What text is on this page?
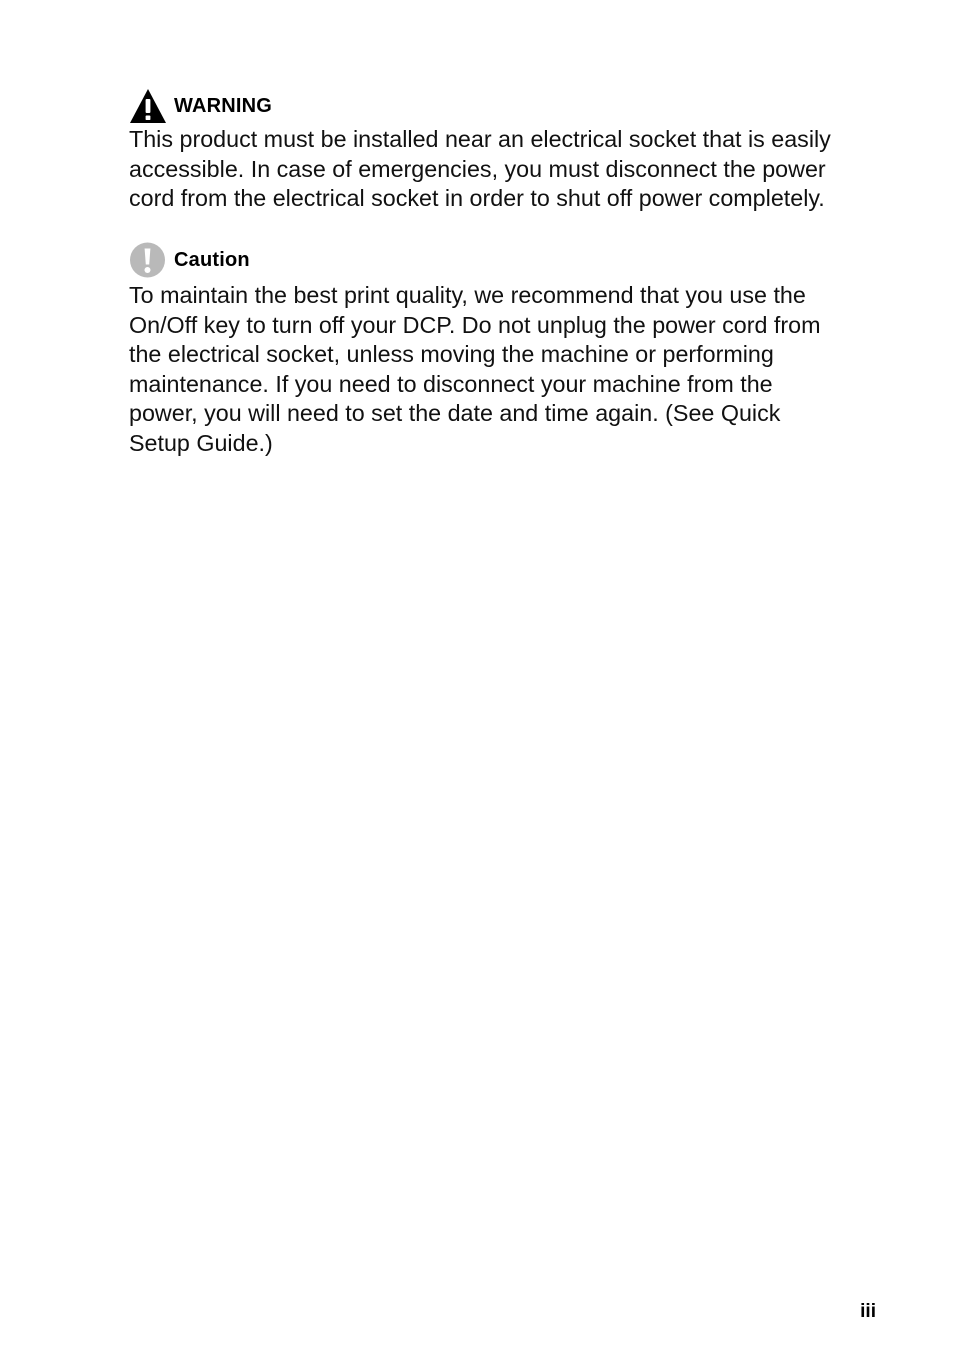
WARNING

This product must be installed near an electrical socket that is easily
accessible. In case of emergencies, you must disconnect the power
cord from the electrical socket in order to shut off power completely.

Caution

To maintain the best print quality, we recommend that you use the
On/Off key to turn off your DCP. Do not unplug the power cord from
the electrical socket, unless moving the machine or performing
maintenance. If you need to disconnect your machine from the
power, you will need to set the date and time again. (See Quick
Setup Guide.)

iii
